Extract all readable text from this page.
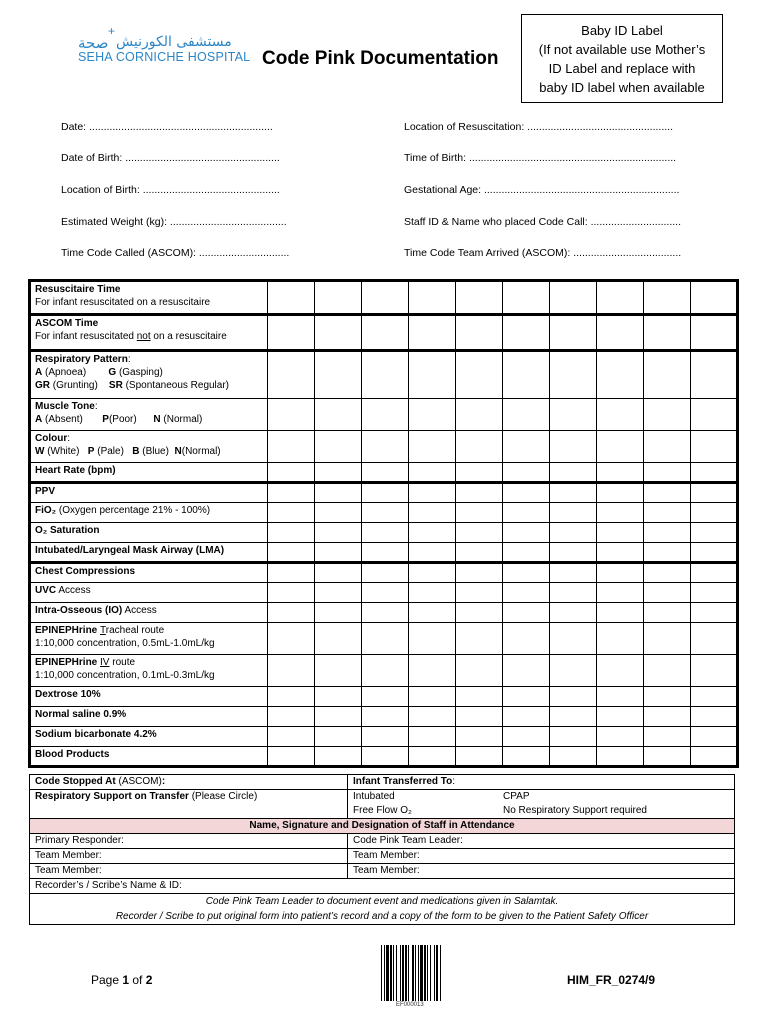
+
صحة مستشفى الكورنيش
SEHA CORNICHE HOSPITAL Code Pink Documentation
Baby ID Label
(If not available use Mother’s
ID Label and replace with
baby ID label when available
Date: ...............................................................	Location of Resuscitation: ..................................................
Date of Birth: .....................................................	Time of Birth: .......................................................................
Location of Birth: ...............................................	Gestational Age: ...................................................................
Estimated Weight (kg): ........................................	Staff ID & Name who placed Code Call: ...............................
Time Code Called (ASCOM): ...............................	Time Code Team Arrived (ASCOM): .....................................
Resuscitaire Time
For infant resuscitated on a resuscitaire										
ASCOM Time
For infant resuscitated not on a resuscitaire										
Respiratory Pattern:
A (Apnoea) G (Gasping)
GR (Grunting) SR (Spontaneous Regular)										
Muscle Tone:
A (Absent) P(Poor) N (Normal)										
Colour:
W (White) P (Pale) B (Blue) N(Normal)										
Heart Rate (bpm)										
PPV										
FiO₂ (Oxygen percentage 21% - 100%)										
O₂ Saturation										
Intubated/Laryngeal Mask Airway (LMA)										
Chest Compressions										
UVC Access										
Intra-Osseous (IO) Access										
EPINEPHrine Tracheal route
1:10,000 concentration, 0.5mL-1.0mL/kg										
EPINEPHrine IV route
1:10,000 concentration, 0.1mL-0.3mL/kg										
Dextrose 10%										
Normal saline 0.9%										
Sodium bicarbonate 4.2%										
Blood Products										
Code Stopped At (ASCOM):	Infant Transferred To:
Respiratory Support on Transfer (Please Circle)	Intubated CPAP
Free Flow O₂ No Respiratory Support required
Name, Signature and Designation of Staff in Attendance	
Primary Responder:	Code Pink Team Leader:
Team Member:	Team Member:
Team Member:	Team Member:
Recorder’s / Scribe’s Name & ID:	
Code Pink Team Leader to document event and medications given in Salamtak.
Recorder / Scribe to put original form into patient’s record and a copy of the form to be given to the Patient Safety Officer	
Page 1 of 2
EF000013
HIM_FR_0274/9
